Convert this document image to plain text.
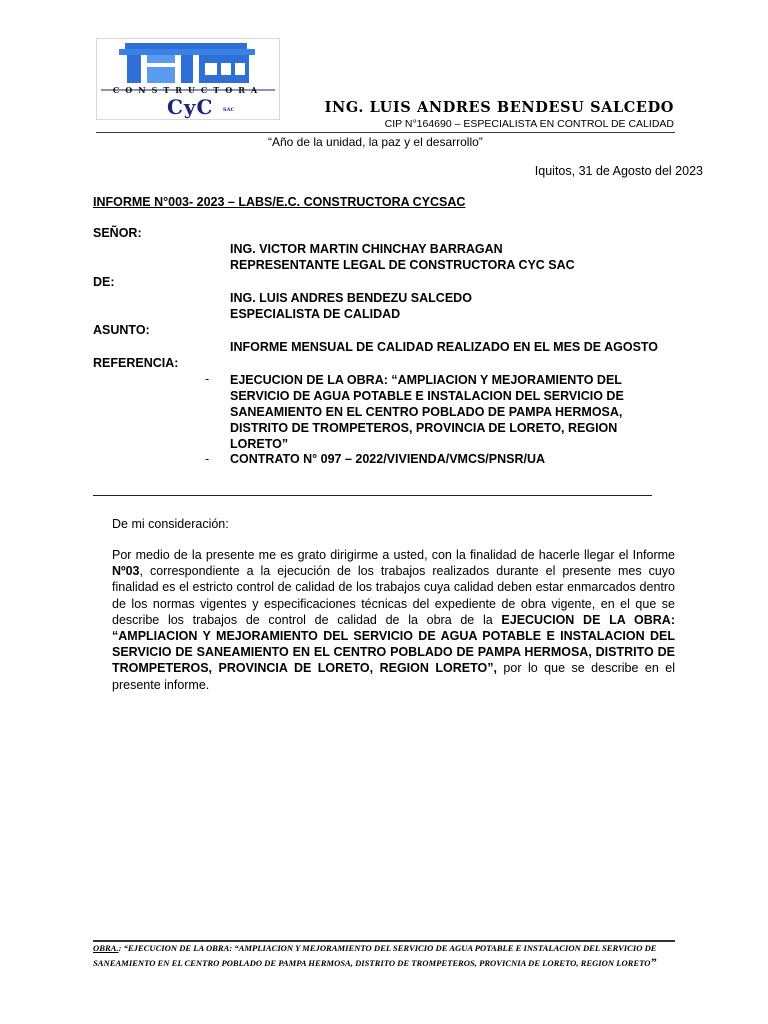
CONSTRUCTORA
CyC SAC	ING. LUIS ANDRES BENDESU SALCEDO
CIP N°164690 – ESPECIALISTA EN CONTROL DE CALIDAD
“Año de la unidad, la paz y el desarrollo”
Iquitos, 31 de Agosto del 2023
INFORME N°003- 2023 – LABS/E.C. CONSTRUCTORA CYCSAC
SEÑOR:
ING. VICTOR MARTIN CHINCHAY BARRAGAN
REPRESENTANTE LEGAL DE CONSTRUCTORA CYC SAC
DE:
ING. LUIS ANDRES BENDEZU SALCEDO
ESPECIALISTA DE CALIDAD
ASUNTO:
INFORME MENSUAL DE CALIDAD REALIZADO EN EL MES DE AGOSTO
REFERENCIA:
- EJECUCION DE LA OBRA: “AMPLIACION Y MEJORAMIENTO DEL SERVICIO DE AGUA POTABLE E INSTALACION DEL SERVICIO DE SANEAMIENTO EN EL CENTRO POBLADO DE PAMPA HERMOSA, DISTRITO DE TROMPETEROS, PROVINCIA DE LORETO, REGION LORETO”
- CONTRATO N° 097 – 2022/VIVIENDA/VMCS/PNSR/UA
De mi consideración:
Por medio de la presente me es grato dirigirme a usted, con la finalidad de hacerle llegar el Informe Nº03, correspondiente a la ejecución de los trabajos realizados durante el presente mes cuyo finalidad es el estricto control de calidad de los trabajos cuya calidad deben estar enmarcados dentro de los normas vigentes y especificaciones técnicas del expediente de obra vigente, en el que se describe los trabajos de control de calidad de la obra de la EJECUCION DE LA OBRA: “AMPLIACION Y MEJORAMIENTO DEL SERVICIO DE AGUA POTABLE E INSTALACION DEL SERVICIO DE SANEAMIENTO EN EL CENTRO POBLADO DE PAMPA HERMOSA, DISTRITO DE TROMPETEROS, PROVINCIA DE LORETO, REGION LORETO”, por lo que se describe en el presente informe.
OBRA.: “EJECUCION DE LA OBRA: “AMPLIACION Y MEJORAMIENTO DEL SERVICIO DE AGUA POTABLE E INSTALACION DEL SERVICIO DE SANEAMIENTO EN EL CENTRO POBLADO DE PAMPA HERMOSA, DISTRITO DE TROMPETEROS, PROVICNIA DE LORETO, REGION LORETO”
